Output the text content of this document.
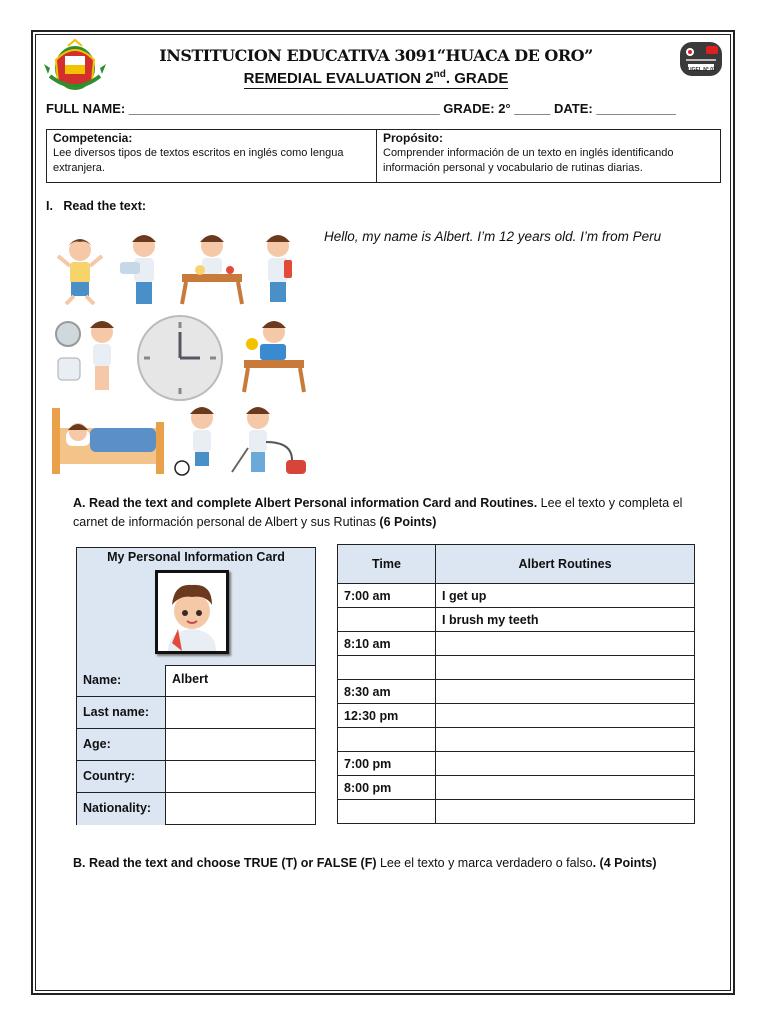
UGEL N° 02
INSTITUCION EDUCATIVA 3091“HUACA DE ORO”
REMEDIAL EVALUATION 2nd. GRADE
FULL NAME: ___________________________________________ GRADE: 2° _____ DATE: ___________
Competencia:
Lee diversos tipos de textos escritos en inglés como lengua extranjera.
Propósito:
Comprender información de un texto en inglés identificando información personal y vocabulario de rutinas diarias.
I.   Read the text:
Hello, my name is Albert. I’m 12 years old. I’m from Peru
A. Read the text and complete Albert Personal information Card and Routines. Lee el texto y completa el carnet de información personal de Albert y sus Rutinas (6 Points)
My Personal Information Card
Name:	Albert
Last name:
Age:
Country:
Nationality:
Time	Albert Routines
7:00 am	I get up
	I brush my teeth
8:10 am	

8:30 am	
12:30 pm	

7:00 pm	
8:00 pm	

B. Read the text and choose TRUE (T) or FALSE (F) Lee el texto y marca verdadero o falso. (4 Points)
